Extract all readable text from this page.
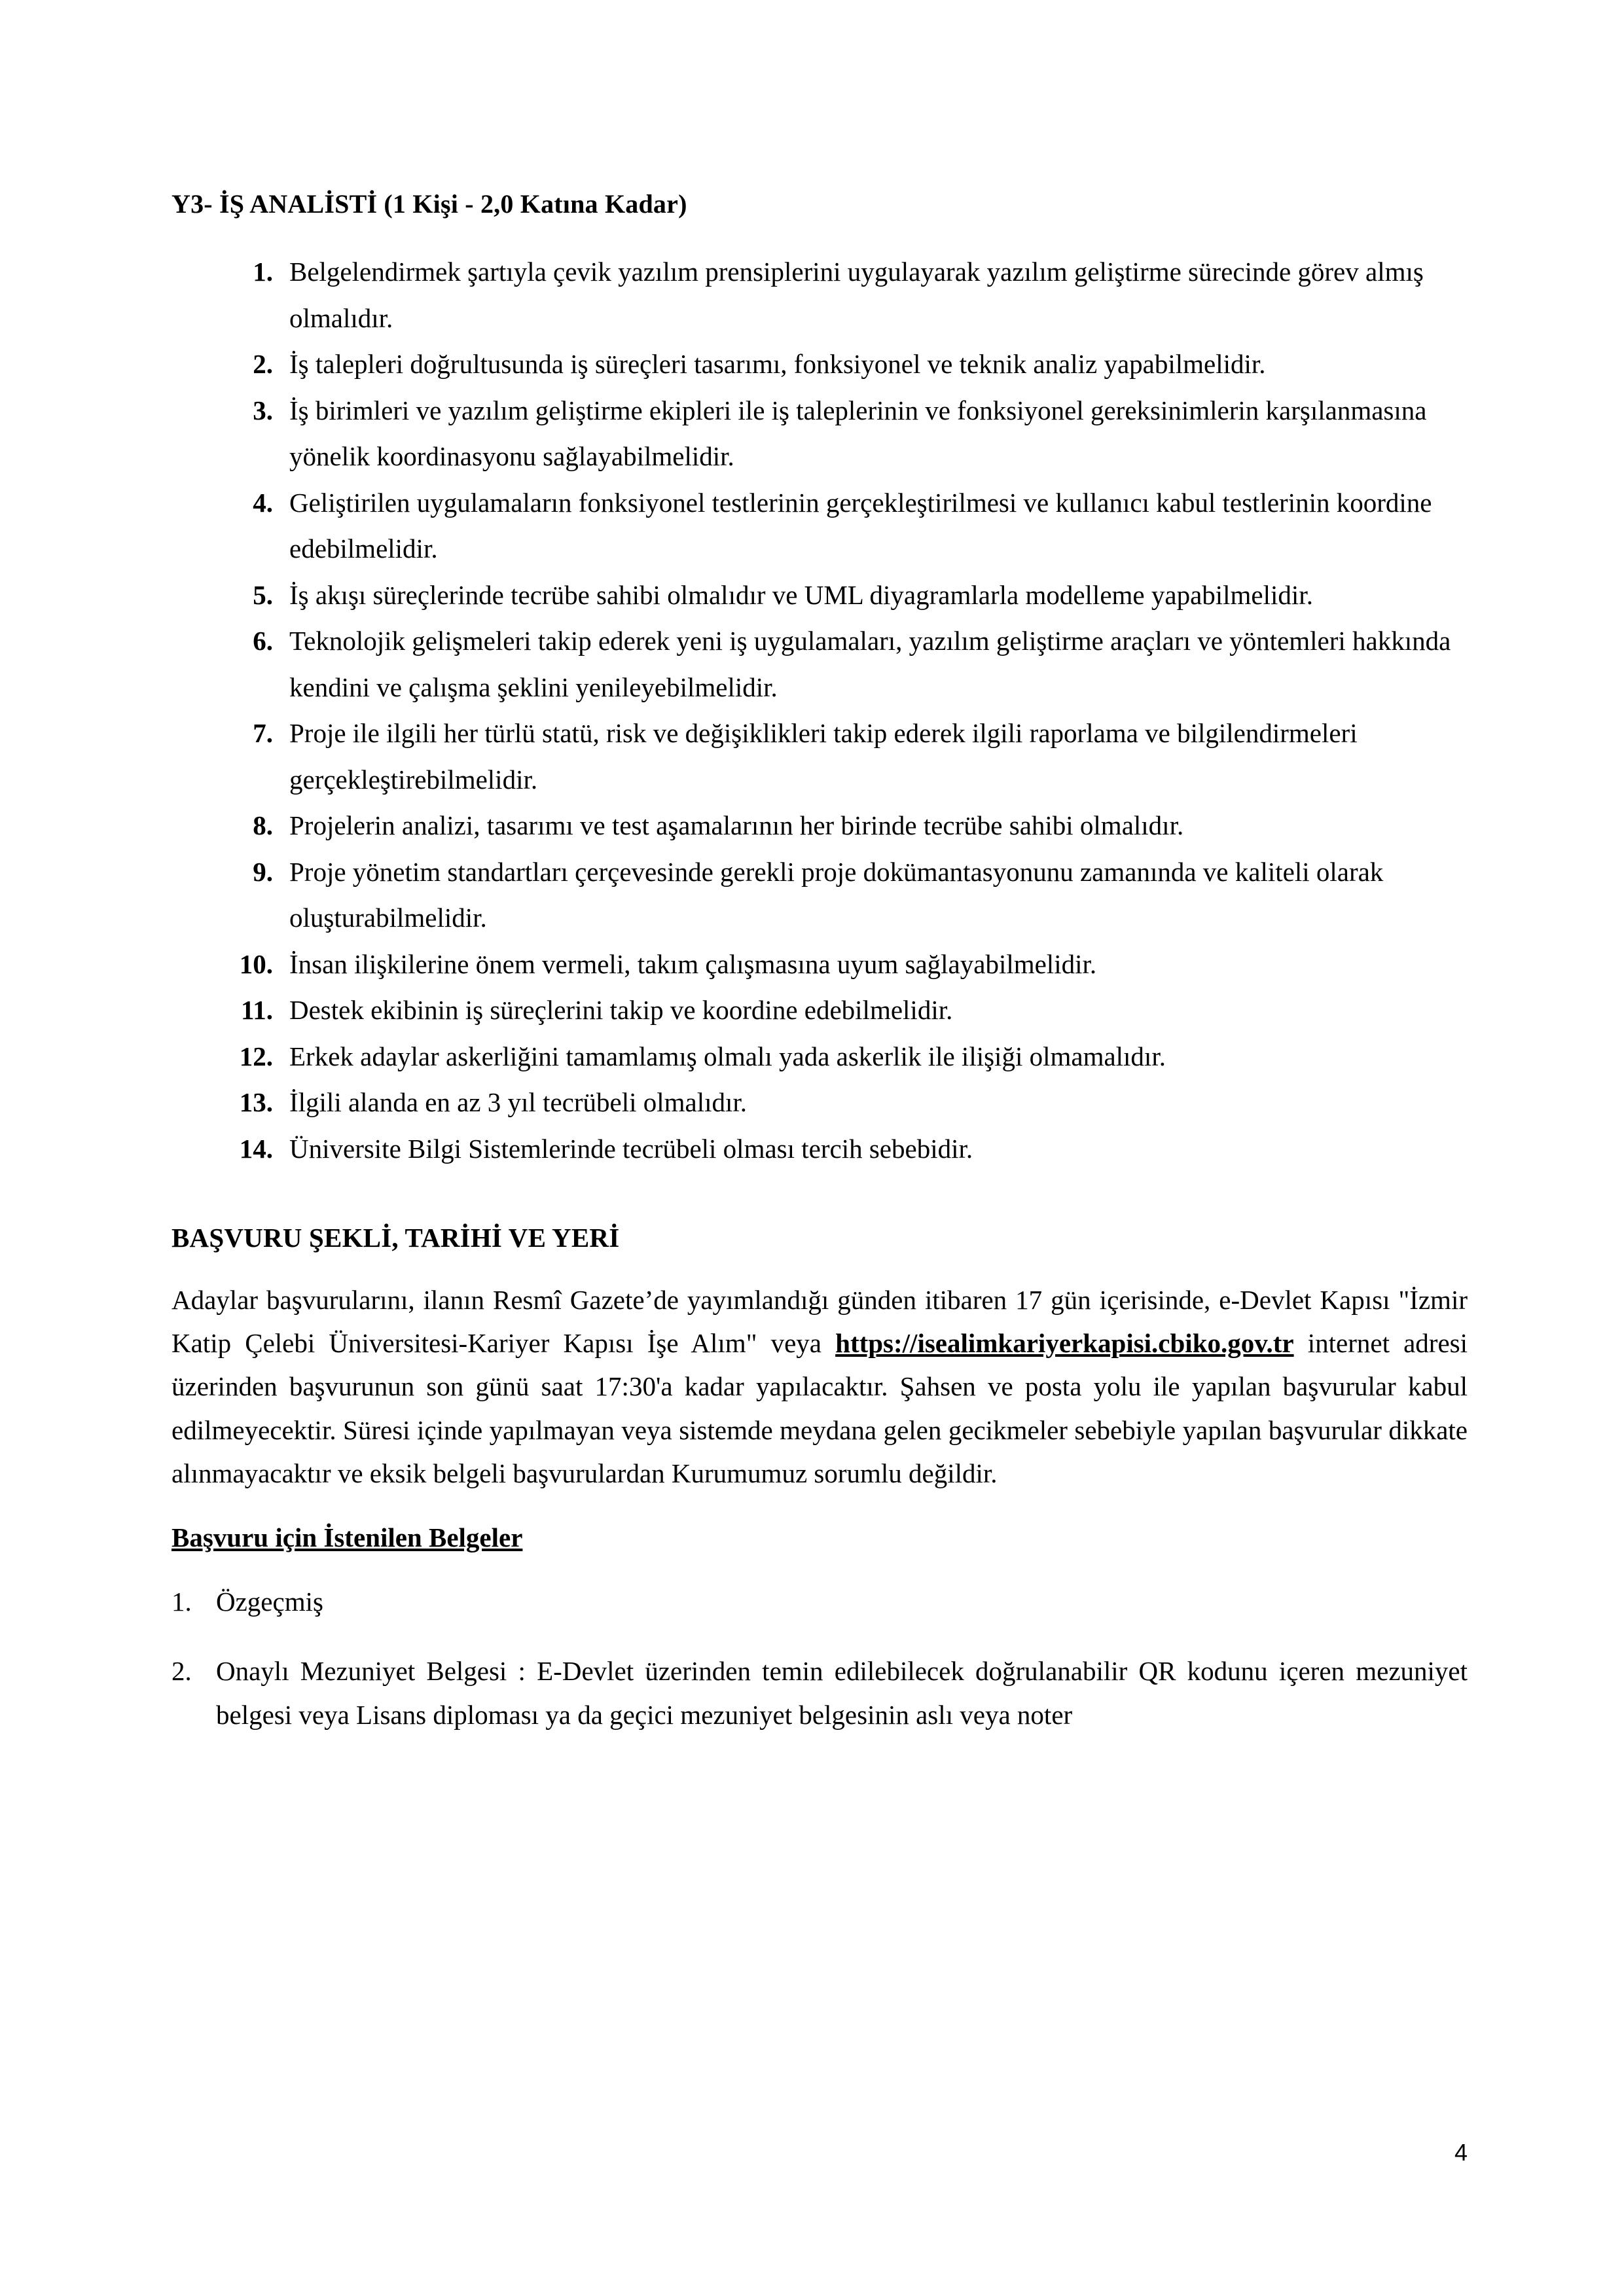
Y3- İŞ ANALİSTİ (1 Kişi - 2,0 Katına Kadar)
1. Belgelendirmek şartıyla çevik yazılım prensiplerini uygulayarak yazılım geliştirme sürecinde görev almış olmalıdır.
2. İş talepleri doğrultusunda iş süreçleri tasarımı, fonksiyonel ve teknik analiz yapabilmelidir.
3. İş birimleri ve yazılım geliştirme ekipleri ile iş taleplerinin ve fonksiyonel gereksinimlerin karşılanmasına yönelik koordinasyonu sağlayabilmelidir.
4. Geliştirilen uygulamaların fonksiyonel testlerinin gerçekleştirilmesi ve kullanıcı kabul testlerinin koordine edebilmelidir.
5. İş akışı süreçlerinde tecrübe sahibi olmalıdır ve UML diyagramlarla modelleme yapabilmelidir.
6. Teknolojik gelişmeleri takip ederek yeni iş uygulamaları, yazılım geliştirme araçları ve yöntemleri hakkında kendini ve çalışma şeklini yenileyebilmelidir.
7. Proje ile ilgili her türlü statü, risk ve değişiklikleri takip ederek ilgili raporlama ve bilgilendirmeleri gerçekleştirebilmelidir.
8. Projelerin analizi, tasarımı ve test aşamalarının her birinde tecrübe sahibi olmalıdır.
9. Proje yönetim standartları çerçevesinde gerekli proje dokümantasyonunu zamanında ve kaliteli olarak oluşturabilmelidir.
10. İnsan ilişkilerine önem vermeli, takım çalışmasına uyum sağlayabilmelidir.
11. Destek ekibinin iş süreçlerini takip ve koordine edebilmelidir.
12. Erkek adaylar askerliğini tamamlamış olmalı yada askerlik ile ilişiği olmamalıdır.
13. İlgili alanda en az 3 yıl tecrübeli olmalıdır.
14. Üniversite Bilgi Sistemlerinde tecrübeli olması tercih sebebidir.
BAŞVURU ŞEKLİ, TARİHİ VE YERİ

Adaylar başvurularını, ilanın Resmî Gazete’de yayımlandığı günden itibaren 17 gün içerisinde, e-Devlet Kapısı "İzmir Katip Çelebi Üniversitesi-Kariyer Kapısı İşe Alım" veya https://isealimkariyerkapisi.cbiko.gov.tr internet adresi üzerinden başvurunun son günü saat 17:30'a kadar yapılacaktır. Şahsen ve posta yolu ile yapılan başvurular kabul edilmeyecektir. Süresi içinde yapılmayan veya sistemde meydana gelen gecikmeler sebebiyle yapılan başvurular dikkate alınmayacaktır ve eksik belgeli başvurulardan Kurumumuz sorumlu değildir.

Başvuru için İstenilen Belgeler
1. Özgeçmiş
2. Onaylı Mezuniyet Belgesi : E-Devlet üzerinden temin edilebilecek doğrulanabilir QR kodunu içeren mezuniyet belgesi veya Lisans diploması ya da geçici mezuniyet belgesinin aslı veya noter
4
